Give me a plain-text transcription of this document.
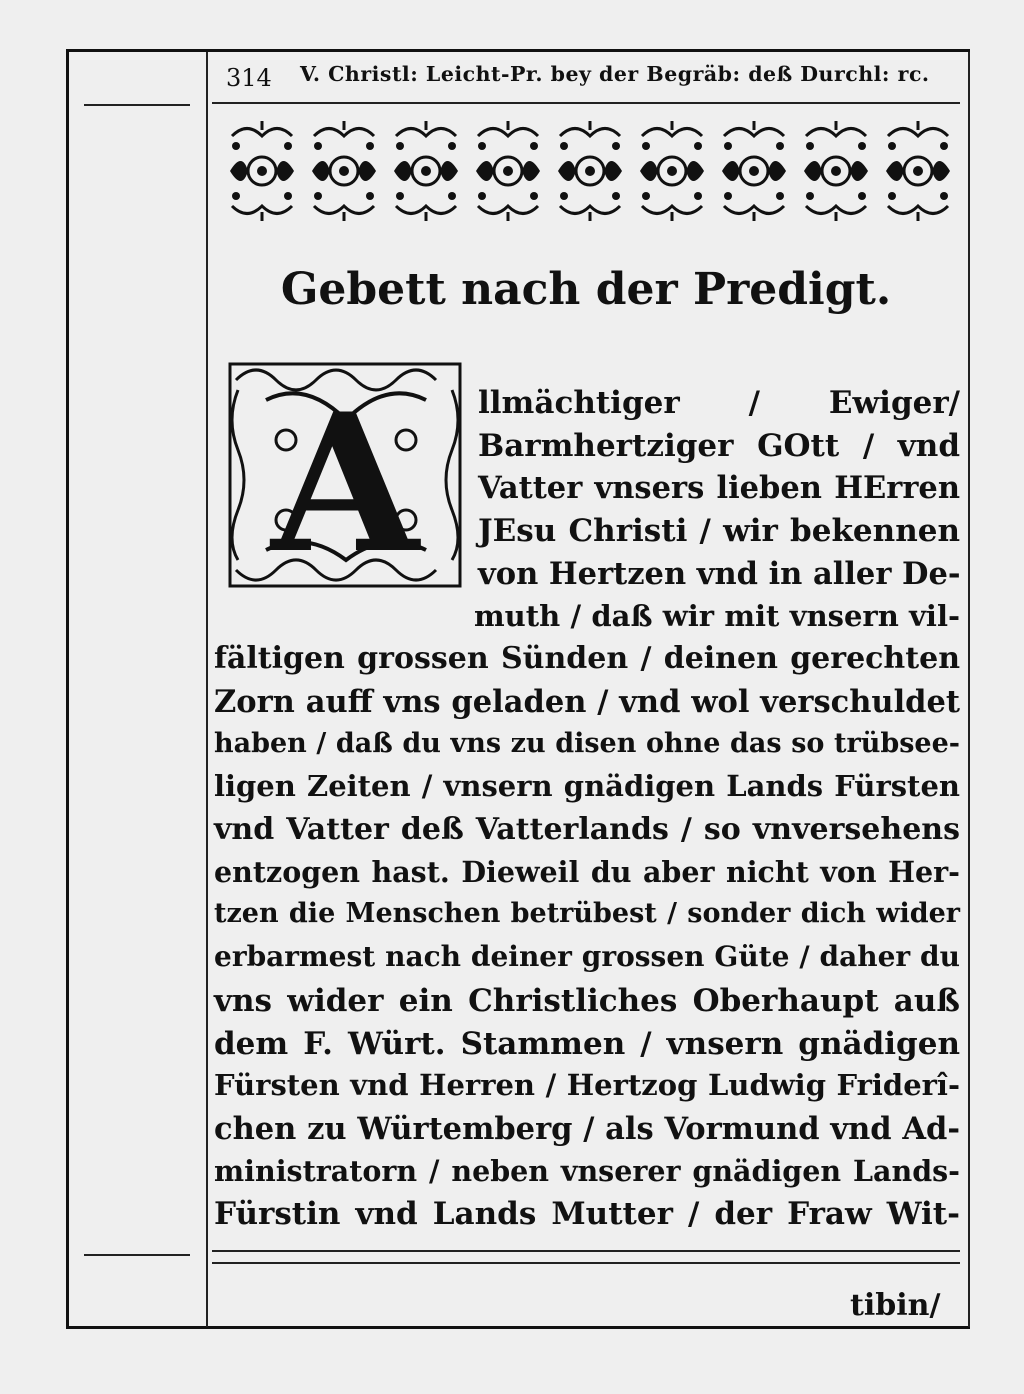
314 V. Christl: Leicht-Pr. bey der Begräb: deß Durchl: rc.
Gebett nach der Predigt.
A llmächtiger / Ewiger/
Barmhertziger GOtt / vnd
Vatter vnsers lieben HErren
JEsu Christi / wir bekennen
von Hertzen vnd in aller De-
muth / daß wir mit vnsern vil-
fältigen grossen Sünden / deinen gerechten
Zorn auff vns geladen / vnd wol verschuldet
haben / daß du vns zu disen ohne das so trübsee-
ligen Zeiten / vnsern gnädigen Lands Fürsten
vnd Vatter deß Vatterlands / so vnversehens
entzogen hast. Dieweil du aber nicht von Her-
tzen die Menschen betrübest / sonder dich wider
erbarmest nach deiner grossen Güte / daher du
vns wider ein Christliches Oberhaupt auß
dem F. Würt. Stammen / vnsern gnädigen
Fürsten vnd Herren / Hertzog Ludwig Friderî-
chen zu Würtemberg / als Vormund vnd Ad-
ministratorn / neben vnserer gnädigen Lands-
Fürstin vnd Lands Mutter / der Fraw Wit-
tibin/
